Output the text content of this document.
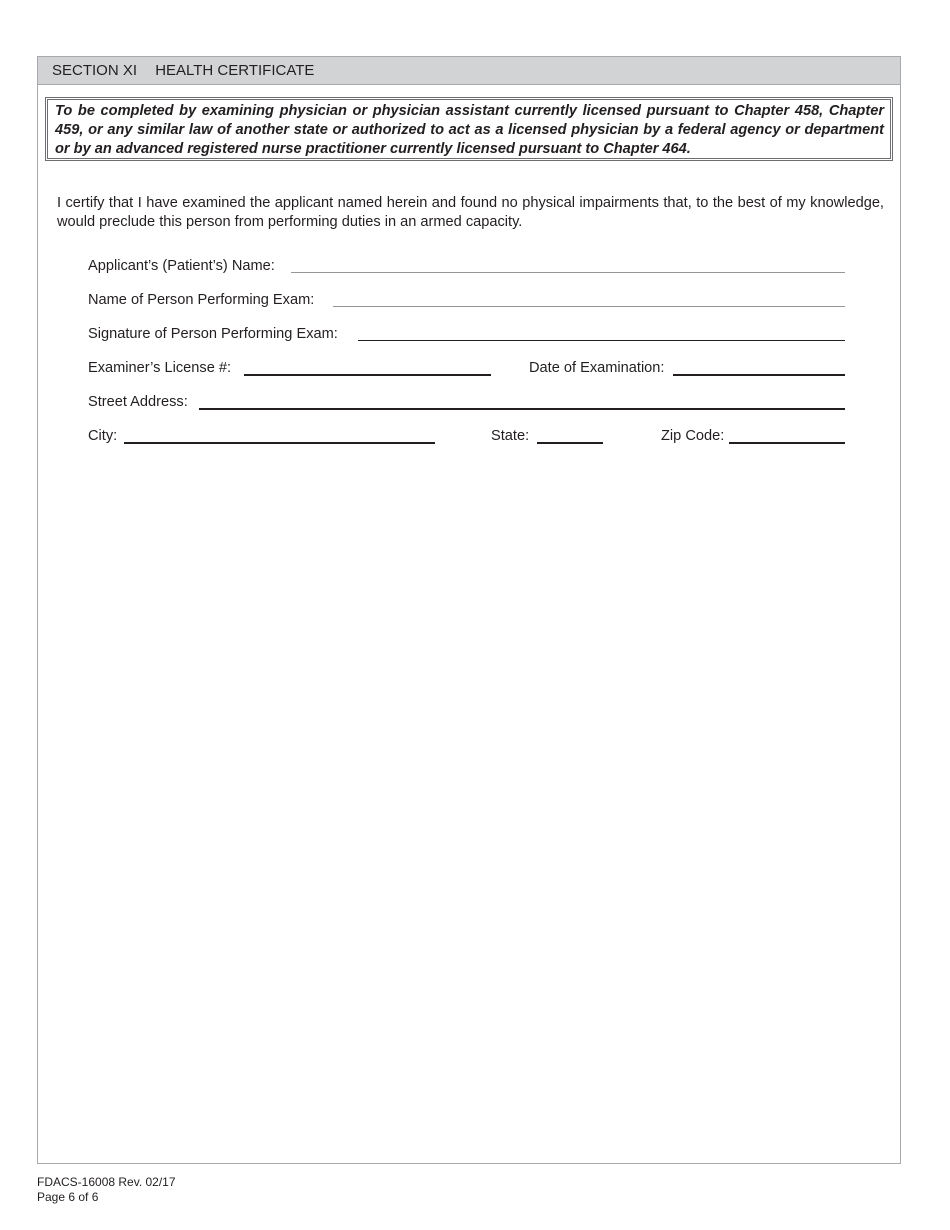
SECTION XI HEALTH CERTIFICATE
To be completed by examining physician or physician assistant currently licensed pursuant to Chapter 458, Chapter 459, or any similar law of another state or authorized to act as a licensed physician by a federal agency or department or by an advanced registered nurse practitioner currently licensed pursuant to Chapter 464.
I certify that I have examined the applicant named herein and found no physical impairments that, to the best of my knowledge, would preclude this person from performing duties in an armed capacity.
Applicant’s (Patient’s) Name:
Name of Person Performing Exam:
Signature of Person Performing Exam:
Examiner’s License #:	Date of Examination:
Street Address:
City:	State:	Zip Code:
FDACS-16008 Rev. 02/17
Page 6 of 6
